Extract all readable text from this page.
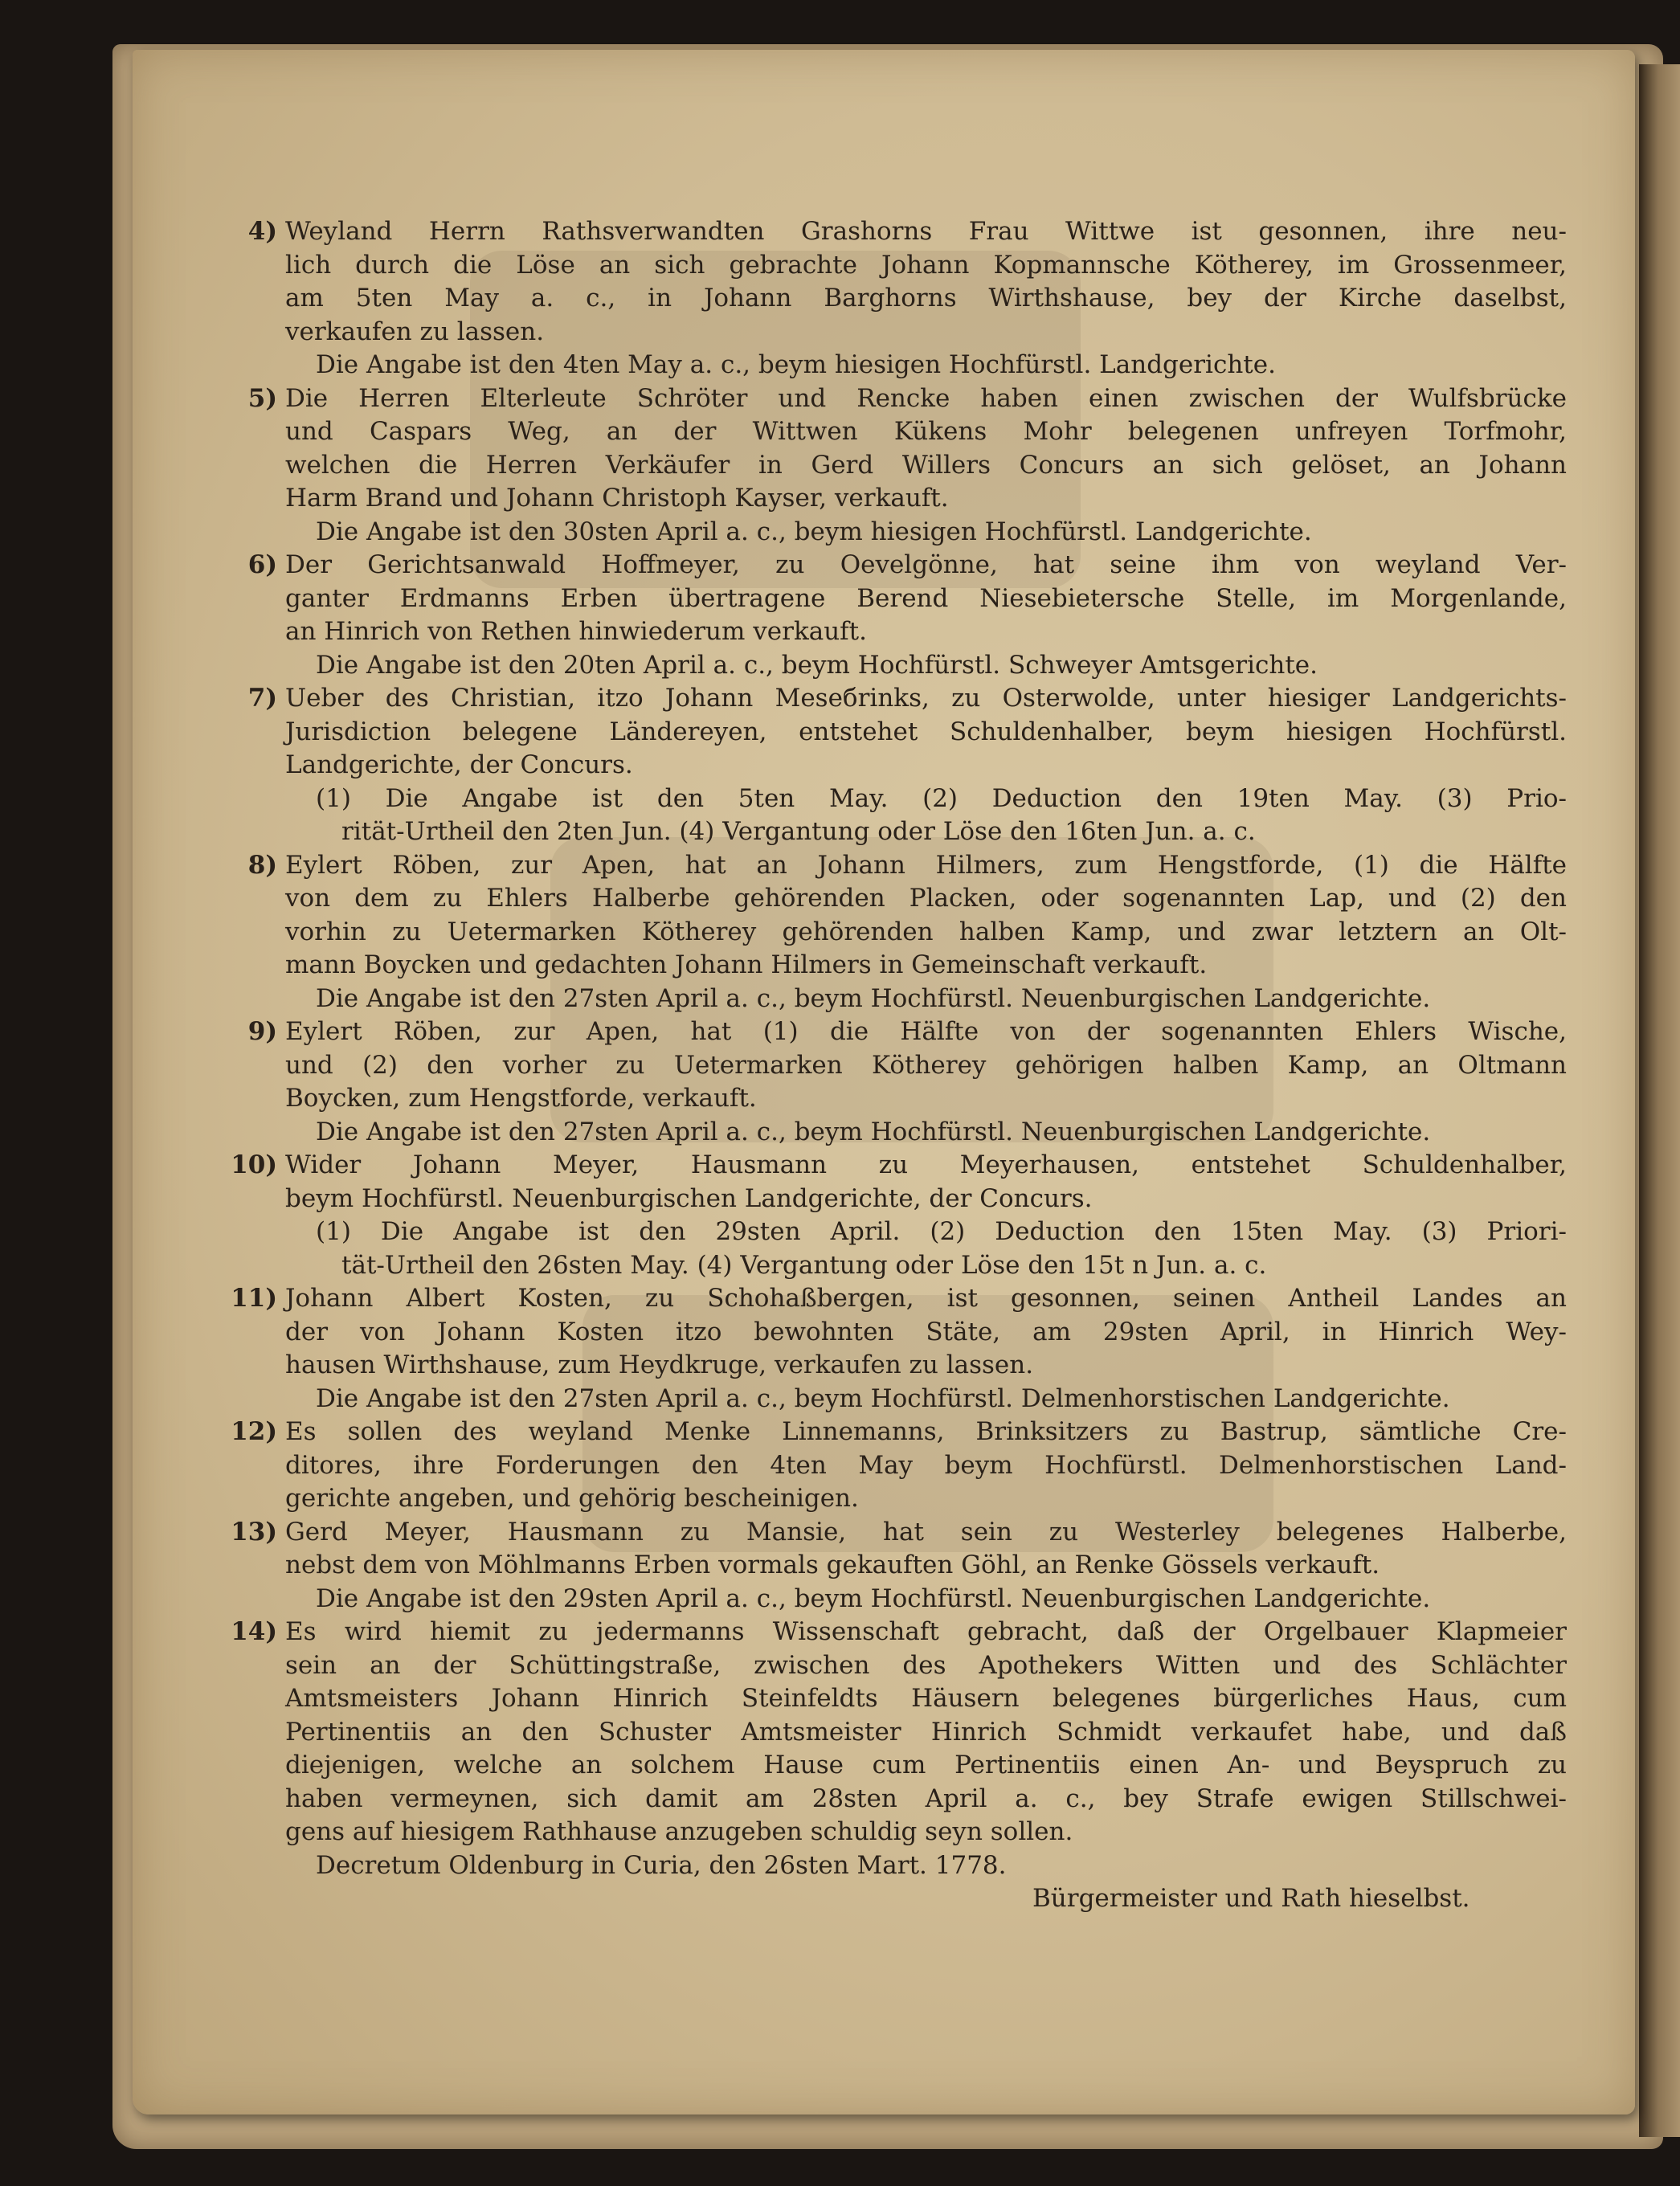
4) Weyland Herrn Rathsverwandten Grashorns Frau Wittwe ist gesonnen, ihre neu-
lich durch die Löse an sich gebrachte Johann Kopmannsche Kötherey, im Grossenmeer,
am 5ten May a. c., in Johann Barghorns Wirthshause, bey der Kirche daselbst,
verkaufen zu lassen.
Die Angabe ist den 4ten May a. c., beym hiesigen Hochfürstl. Landgerichte.
5) Die Herren Elterleute Schröter und Rencke haben einen zwischen der Wulfsbrücke
und Caspars Weg, an der Wittwen Kükens Mohr belegenen unfreyen Torfmohr,
welchen die Herren Verkäufer in Gerd Willers Concurs an sich gelöset, an Johann
Harm Brand und Johann Christoph Kayser, verkauft.
Die Angabe ist den 30sten April a. c., beym hiesigen Hochfürstl. Landgerichte.
6) Der Gerichtsanwald Hoffmeyer, zu Oevelgönne, hat seine ihm von weyland Ver-
ganter Erdmanns Erben übertragene Berend Niesebietersche Stelle, im Morgenlande,
an Hinrich von Rethen hinwiederum verkauft.
Die Angabe ist den 20ten April a. c., beym Hochfürstl. Schweyer Amtsgerichte.
7) Ueber des Christian, itzo Johann Meseбrinks, zu Osterwolde, unter hiesiger Landgerichts-
Jurisdiction belegene Ländereyen, entstehet Schuldenhalber, beym hiesigen Hochfürstl.
Landgerichte, der Concurs.
(1) Die Angabe ist den 5ten May. (2) Deduction den 19ten May. (3) Prio-
rität-Urtheil den 2ten Jun. (4) Vergantung oder Löse den 16ten Jun. a. c.
8) Eylert Röben, zur Apen, hat an Johann Hilmers, zum Hengstforde, (1) die Hälfte
von dem zu Ehlers Halberbe gehörenden Placken, oder sogenannten Lap, und (2) den
vorhin zu Uetermarken Kötherey gehörenden halben Kamp, und zwar letztern an Olt-
mann Boycken und gedachten Johann Hilmers in Gemeinschaft verkauft.
Die Angabe ist den 27sten April a. c., beym Hochfürstl. Neuenburgischen Landgerichte.
9) Eylert Röben, zur Apen, hat (1) die Hälfte von der sogenannten Ehlers Wische,
und (2) den vorher zu Uetermarken Kötherey gehörigen halben Kamp, an Oltmann
Boycken, zum Hengstforde, verkauft.
Die Angabe ist den 27sten April a. c., beym Hochfürstl. Neuenburgischen Landgerichte.
10) Wider Johann Meyer, Hausmann zu Meyerhausen, entstehet Schuldenhalber,
beym Hochfürstl. Neuenburgischen Landgerichte, der Concurs.
(1) Die Angabe ist den 29sten April. (2) Deduction den 15ten May. (3) Priori-
tät-Urtheil den 26sten May. (4) Vergantung oder Löse den 15t n Jun. a. c.
11) Johann Albert Kosten, zu Schohaßbergen, ist gesonnen, seinen Antheil Landes an
der von Johann Kosten itzo bewohnten Stäte, am 29sten April, in Hinrich Wey-
hausen Wirthshause, zum Heydkruge, verkaufen zu lassen.
Die Angabe ist den 27sten April a. c., beym Hochfürstl. Delmenhorstischen Landgerichte.
12) Es sollen des weyland Menke Linnemanns, Brinksitzers zu Bastrup, sämtliche Cre-
ditores, ihre Forderungen den 4ten May beym Hochfürstl. Delmenhorstischen Land-
gerichte angeben, und gehörig bescheinigen.
13) Gerd Meyer, Hausmann zu Mansie, hat sein zu Westerley belegenes Halberbe,
nebst dem von Möhlmanns Erben vormals gekauften Göhl, an Renke Gössels verkauft.
Die Angabe ist den 29sten April a. c., beym Hochfürstl. Neuenburgischen Landgerichte.
14) Es wird hiemit zu jedermanns Wissenschaft gebracht, daß der Orgelbauer Klapmeier
sein an der Schüttingstraße, zwischen des Apothekers Witten und des Schlächter
Amtsmeisters Johann Hinrich Steinfeldts Häusern belegenes bürgerliches Haus, cum
Pertinentiis an den Schuster Amtsmeister Hinrich Schmidt verkaufet habe, und daß
diejenigen, welche an solchem Hause cum Pertinentiis einen An- und Beyspruch zu
haben vermeynen, sich damit am 28sten April a. c., bey Strafe ewigen Stillschwei-
gens auf hiesigem Rathhause anzugeben schuldig seyn sollen.
Decretum Oldenburg in Curia, den 26sten Mart. 1778.
Bürgermeister und Rath hieselbst.
